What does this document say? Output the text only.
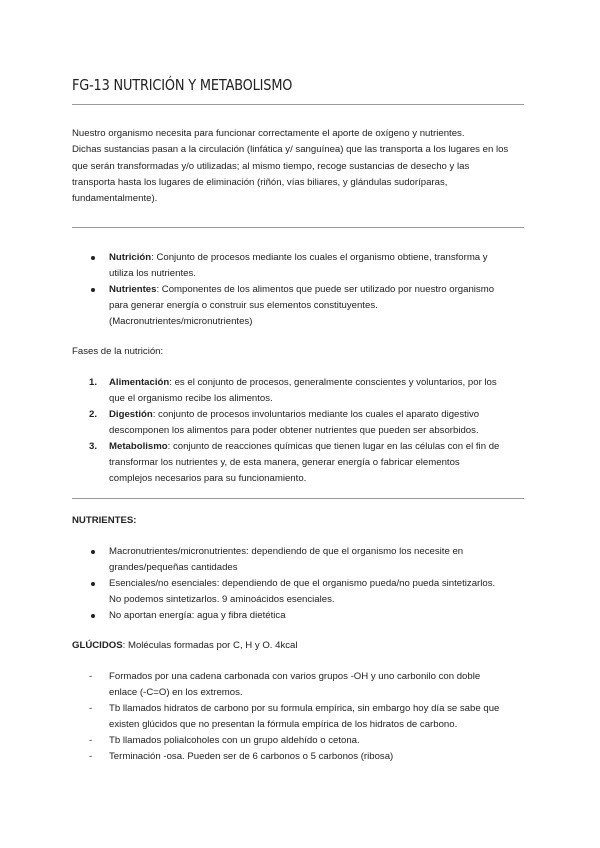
FG-13 NUTRICIÓN Y METABOLISMO
Nuestro organismo necesita para funcionar correctamente el aporte de oxígeno y nutrientes.
Dichas sustancias pasan a la circulación (linfática y/ sanguínea) que las transporta a los lugares en los
que serán transformadas y/o utilizadas; al mismo tiempo, recoge sustancias de desecho y las
transporta hasta los lugares de eliminación (riñón, vías biliares, y glándulas sudoríparas,
fundamentalmente).
Nutrición: Conjunto de procesos mediante los cuales el organismo obtiene, transforma y
utiliza los nutrientes.
Nutrientes: Componentes de los alimentos que puede ser utilizado por nuestro organismo
para generar energía o construir sus elementos constituyentes.
(Macronutrientes/micronutrientes)
Fases de la nutrición:
1.	Alimentación: es el conjunto de procesos, generalmente conscientes y voluntarios, por los
que el organismo recibe los alimentos.
2.	Digestión: conjunto de procesos involuntarios mediante los cuales el aparato digestivo
descomponen los alimentos para poder obtener nutrientes que pueden ser absorbidos.
3.	Metabolismo: conjunto de reacciones químicas que tienen lugar en las células con el fin de
transformar los nutrientes y, de esta manera, generar energía o fabricar elementos
complejos necesarios para su funcionamiento.
NUTRIENTES:
Macronutrientes/micronutrientes: dependiendo de que el organismo los necesite en
grandes/pequeñas cantidades
Esenciales/no esenciales: dependiendo de que el organismo pueda/no pueda sintetizarlos.
No podemos sintetizarlos. 9 aminoácidos esenciales.
No aportan energía: agua y fibra dietética
GLÚCIDOS: Moléculas formadas por C, H y O. 4kcal
-	Formados por una cadena carbonada con varios grupos -OH y uno carbonilo con doble
enlace (-C=O) en los extremos.
-	Tb llamados hidratos de carbono por su formula empírica, sin embargo hoy día se sabe que
existen glúcidos que no presentan la fórmula empírica de los hidratos de carbono.
-	Tb llamados polialcoholes con un grupo aldehído o cetona.
-	Terminación -osa. Pueden ser de 6 carbonos o 5 carbonos (ribosa)
